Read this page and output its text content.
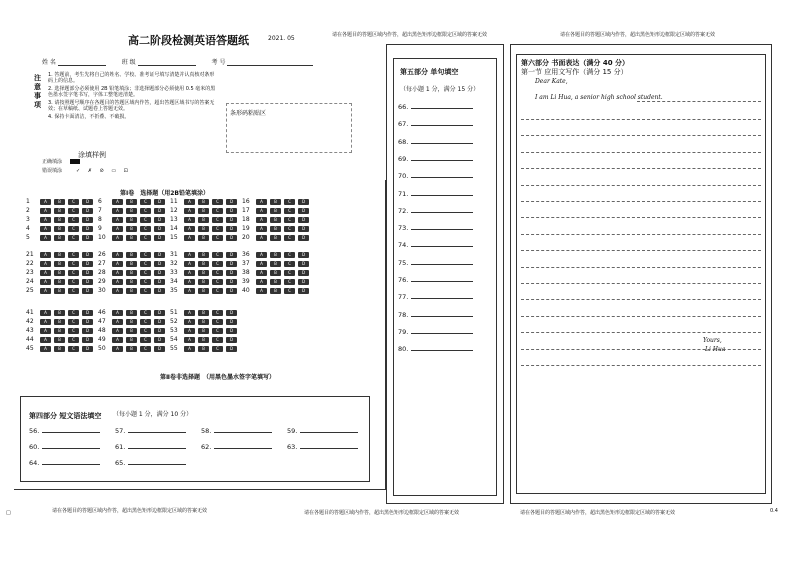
高二阶段检测英语答题纸	2021. 05	请在各题目的答题区域内作答，超出黑色矩形边框限定区域的答案无效	请在各题目的答题区域内作答，超出黑色矩形边框限定区域的答案无效
姓 名	班 级	考 号
注意事项
1. 答题前，考生先将自己的姓名、学校、准考证号填写清楚并认真核对条形码上的信息。
2. 选择题部分必须使用 2B 铅笔填涂；非选择题部分必须使用 0.5 毫米的黑色墨水签字笔书写，字体工整笔迹清楚。
3. 请按照题号顺序在各题目的答题区域内作答，超出答题区域书写的答案无效；在草稿纸、试题卷上答题无效。
4. 保持卡面清洁，不折叠、不破损。	条形码粘贴区
涂填样例
正确填涂
错误填涂	✓ ✗ ⊘ ▭ ⊡
第Ⅰ卷　选择题（用2B铅笔填涂）
1	A	B	C	D
2	A	B	C	D
3	A	B	C	D
4	A	B	C	D
5	A	B	C	D
6	A	B	C	D
7	A	B	C	D
8	A	B	C	D
9	A	B	C	D
10	A	B	C	D
11	A	B	C	D
12	A	B	C	D
13	A	B	C	D
14	A	B	C	D
15	A	B	C	D
16	A	B	C	D
17	A	B	C	D
18	A	B	C	D
19	A	B	C	D
20	A	B	C	D
21	A	B	C	D
22	A	B	C	D
23	A	B	C	D
24	A	B	C	D
25	A	B	C	D
26	A	B	C	D
27	A	B	C	D
28	A	B	C	D
29	A	B	C	D
30	A	B	C	D
31	A	B	C	D
32	A	B	C	D
33	A	B	C	D
34	A	B	C	D
35	A	B	C	D
36	A	B	C	D
37	A	B	C	D
38	A	B	C	D
39	A	B	C	D
40	A	B	C	D
41	A	B	C	D
42	A	B	C	D
43	A	B	C	D
44	A	B	C	D
45	A	B	C	D
46	A	B	C	D
47	A	B	C	D
48	A	B	C	D
49	A	B	C	D
50	A	B	C	D
51	A	B	C	D
52	A	B	C	D
53	A	B	C	D
54	A	B	C	D
55	A	B	C	D
第Ⅱ卷非选择题　（用黑色墨水签字笔填写）
第四部分 短文语法填空 （每小题 1 分，满分 10 分）
56.	57.	58.	59.
60.	61.	62.	63.
64.	65.
第五部分 单句填空
（每小题 1 分，满分 15 分）
66.
67.
68.
69.
70.
71.
72.
73.
74.
75.
76.
77.
78.
79.
80.
第六部分 书面表达（满分 40 分）
第一节 应用文写作（满分 15 分）
Dear Kate,
I am Li Hua, a senior high school student.
Yours,
Li Hua
□	请在各题目的答题区域内作答，超出黑色矩形边框限定区域的答案无效	请在各题目的答题区域内作答，超出黑色矩形边框限定区域的答案无效	请在各题目的答题区域内作答，超出黑色矩形边框限定区域的答案无效	0.4
